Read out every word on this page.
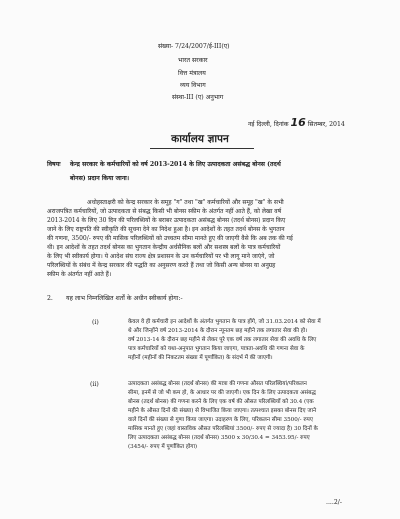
संख्या- 7/24/2007/ई-III(ए)
भारत सरकार
वित्त मंत्रालय
व्यय विभाग
संस्था-III (ए) अनुभाग
नई दिल्ली, दिनांक 16 सितम्बर, 2014
कार्यालय ज्ञापन
विषयः केन्द्र सरकार के कर्मचारियों को वर्ष 2013-2014 के लिए उत्पादकता असंबद्ध बोनस (तदर्थ
बोनस) प्रदान किया जाना।
अधोहस्ताक्षरी को केन्द्र सरकार के समूह "ग" तथा "ख" कर्मचारियों और समूह "ख" के सभी
अराजपत्रित कर्मचारियों, जो उत्पादकता से संबद्ध किसी भी बोनस स्कीम के अंतर्गत नहीं आते हैं, को लेखा वर्ष
2013-2014 के लिए 30 दिन की परिलब्धियों के बराबर उत्पादकता असंबद्ध बोनस (तदर्थ बोनस) प्रदान किए
जाने के लिए राष्ट्रपति की स्वीकृति की सूचना देने का निदेश हुआ है। इन आदेशों के तहत तदर्थ बोनस के भुगतान
की गणना, 3500/- रुपए की मासिक परिलब्धियों को उच्चतम सीमा मानते हुए की जाएगी वैसे कि अब तक की गई
थी। इन आदेशों के तहत तदर्थ बोनस का भुगतान केन्द्रीय अर्धसैनिक बलों और सशस्त्र बलों के पात्र कर्मचारियों
के लिए भी स्वीकार्य होगा। ये आदेश संघ राज्य क्षेत्र प्रशासन के उन कर्मचारियों पर भी लागू माने जाएंगे, जो
परिलब्धियों के संबंध में केन्द्र सरकार की पद्धति का अनुसरण करते हैं तथा जो किसी अन्य बोनस या अनुग्रह
स्कीम के अंतर्गत नहीं आते हैं।
2. यह लाभ निम्नलिखित शर्तों के अधीन स्वीकार्य होगा:-
(i)	केवल वे ही कर्मचारी इन आदेशों के अंतर्गत भुगतान के पात्र होंगे, जो 31.03.2014 को सेवा में
थे और जिन्होंने वर्ष 2013-2014 के दौरान न्यूनतम छह महीने तक लगातार सेवा की हो।
वर्ष 2013-14 के दौरान छह महीने से लेकर पूरे एक वर्ष तक लगातार सेवा की अवधि के लिए
पात्र कर्मचारियों को यथा-अनुपात भुगतान किया जाएगा, पात्रता-अवधि की गणना सेवा के
महीनों (महीनों की निकटतम संख्या में पूर्णांकित) के संदर्भ में की जाएगी।
(ii)	उत्पादकता असंबद्ध बोनस (तदर्थ बोनस) की मात्रा की गणना औसत परिलब्धियां/परिकलन
सीमा, इनमें से जो भी कम हो, के आधार पर की जाएगी। एक दिन के लिए उत्पादकता असंबद्ध
बोनस (तदर्थ बोनस) की गणना करने के लिए एक वर्ष की औसत परिलब्धियों को 30.4 (एक
महीने के औसत दिनों की संख्या) से विभाजित किया जाएगा। तत्पश्चात इसका बोनस दिए जाने
वाले दिनों की संख्या से गुणा किया जाएगा। उदाहरण के लिए, परिकलन सीमा 3500/- रुपए
मासिक मानते हुए (जहां वास्तविक औसत परिलब्धियां 3500/- रुपए से ज्यादा है) 30 दिनों के
लिए उत्पादकता असंबद्ध बोनस (तदर्थ बोनस) 3500 x 30/30.4 = 3453.95/- रुपए
(3454/- रुपए में पूर्णांकित होगा)
....2/-
